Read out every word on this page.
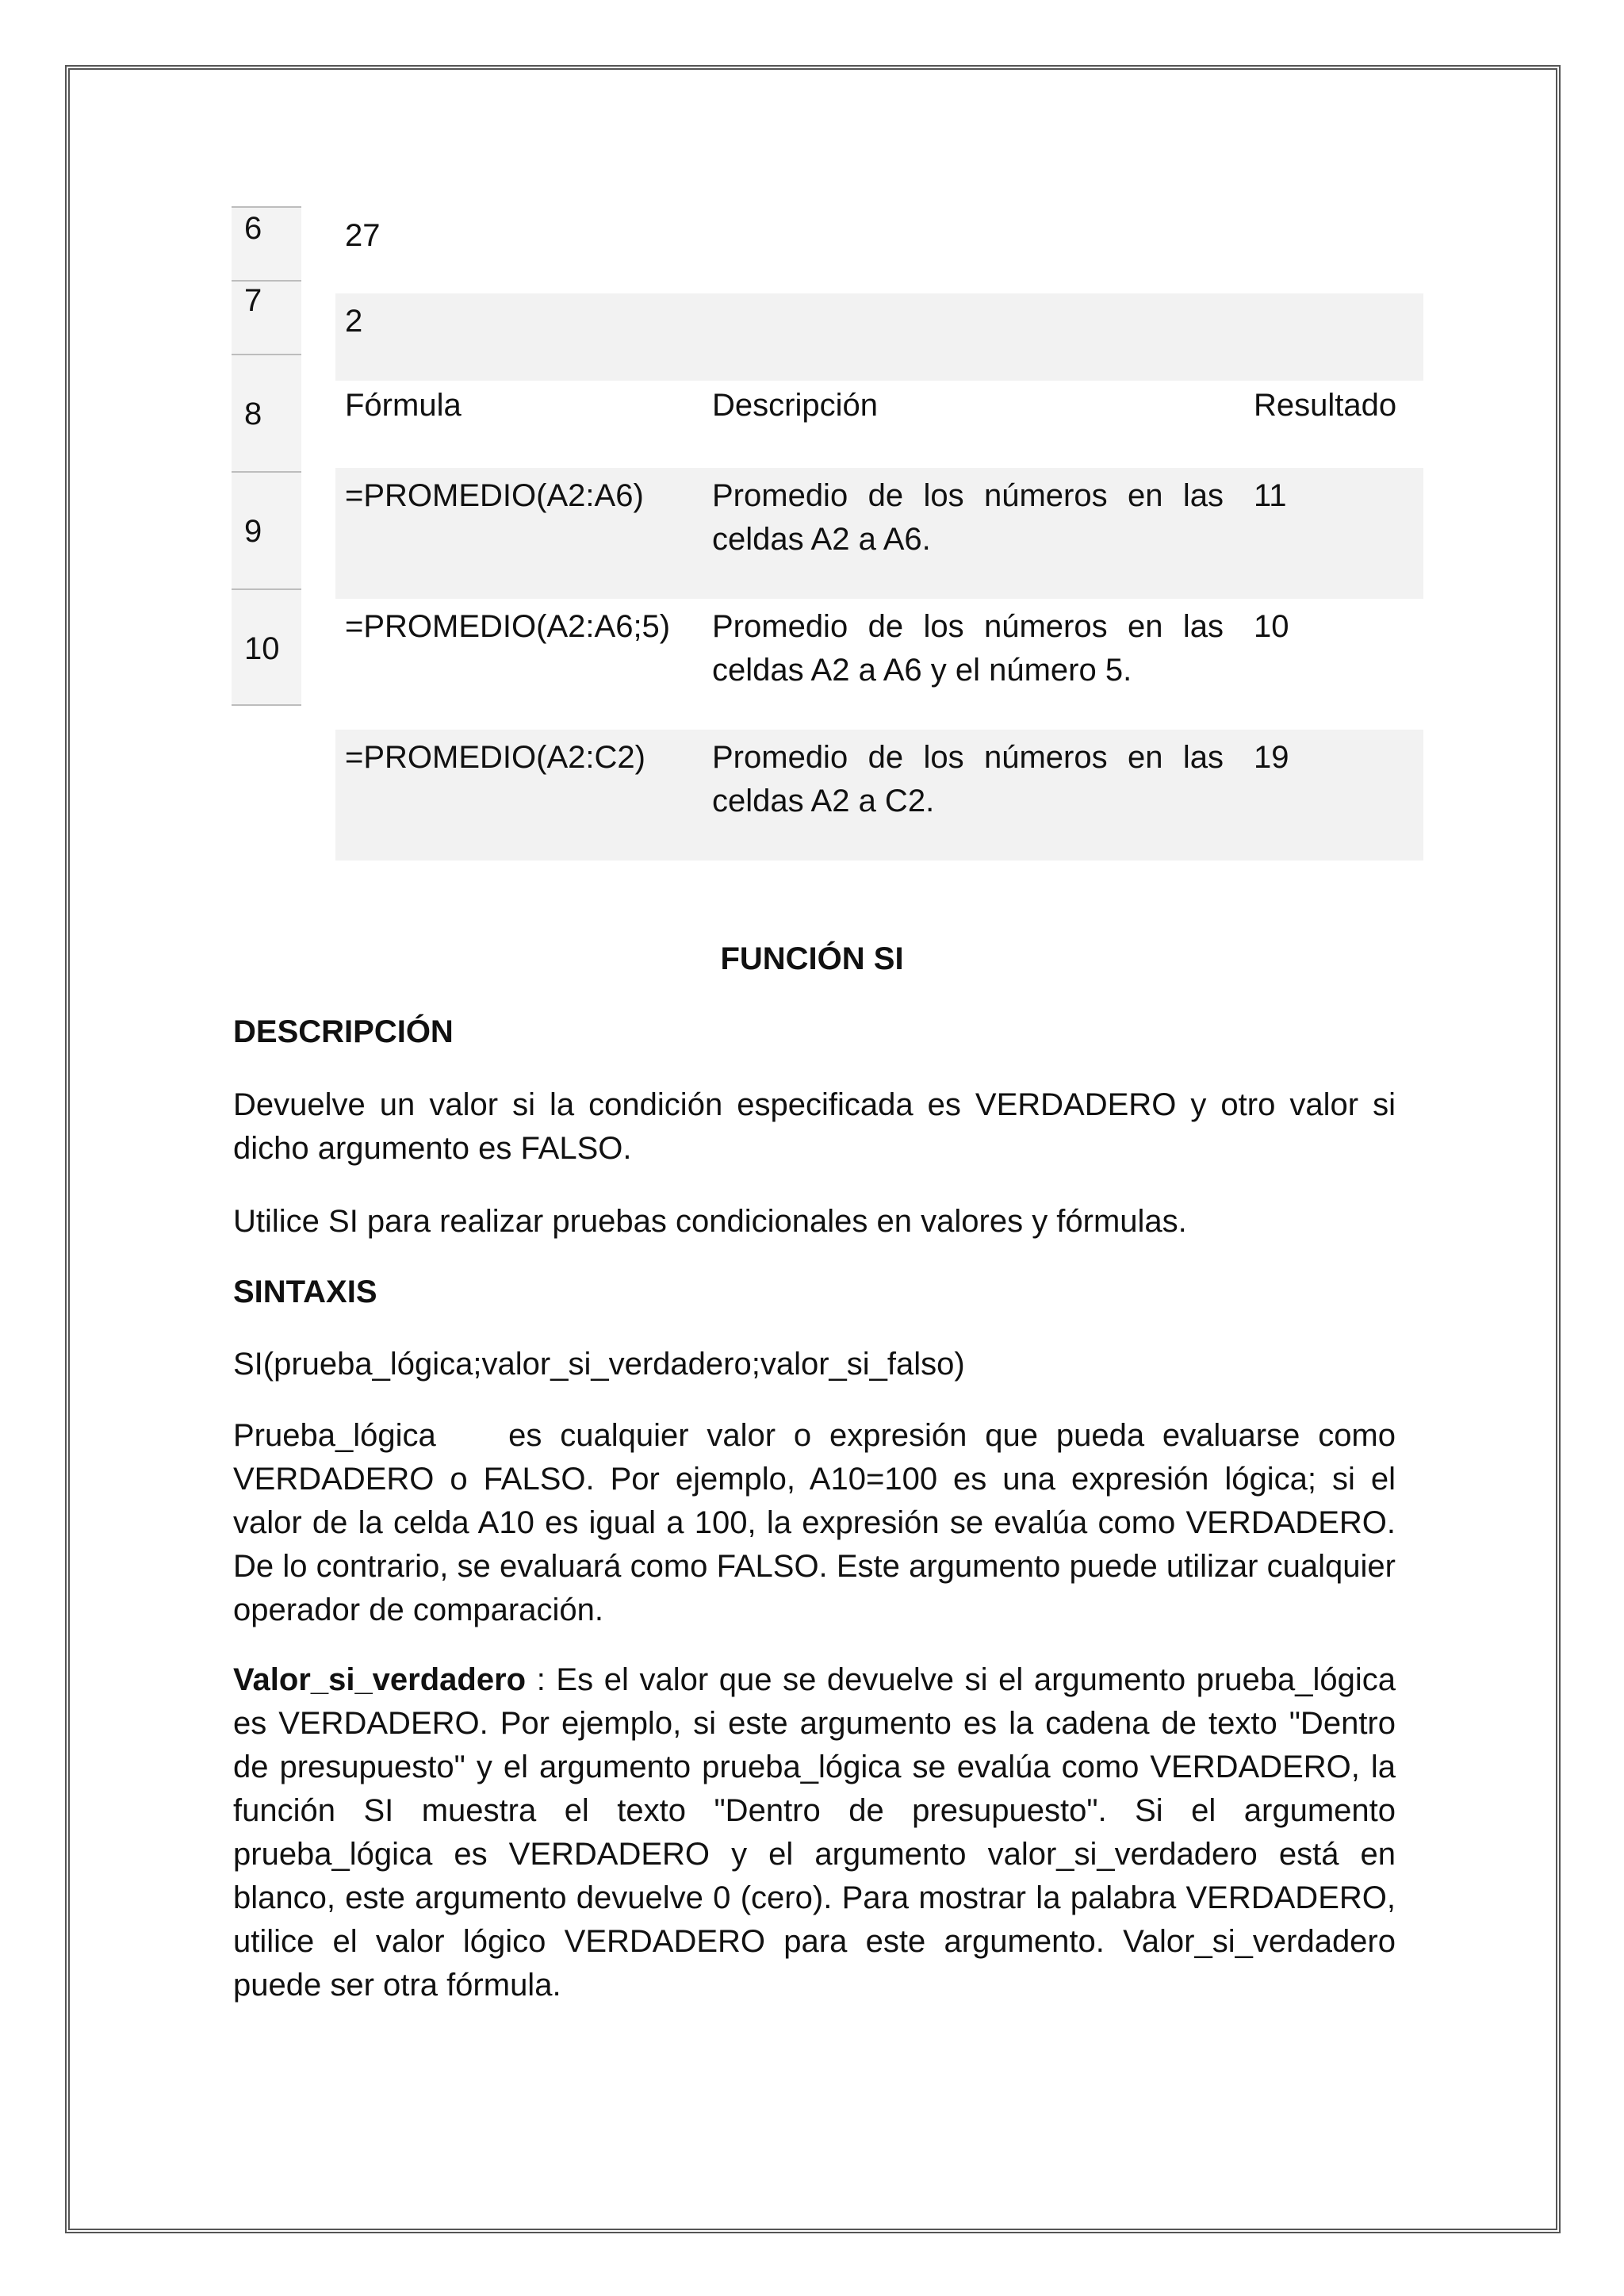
6
7
8
9
10
27
2
Fórmula	Descripción	Resultado
=PROMEDIO(A2:A6) Promedio de los números en las celdas A2 a A6.
11
=PROMEDIO(A2:A6;5) Promedio de los números en las celdas A2 a A6 y el número 5.
10
=PROMEDIO(A2:C2) Promedio de los números en las celdas A2 a C2.
19
FUNCIÓN SI
DESCRIPCIÓN
Devuelve un valor si la condición especificada es VERDADERO y otro valor si dicho argumento es FALSO.
Utilice SI para realizar pruebas condicionales en valores y fórmulas.
SINTAXIS
SI(prueba_lógica;valor_si_verdadero;valor_si_falso)
Prueba_lógica es cualquier valor o expresión que pueda evaluarse como VERDADERO o FALSO. Por ejemplo, A10=100 es una expresión lógica; si el valor de la celda A10 es igual a 100, la expresión se evalúa como VERDADERO. De lo contrario, se evaluará como FALSO. Este argumento puede utilizar cualquier operador de comparación.
Valor_si_verdadero : Es el valor que se devuelve si el argumento prueba_lógica es VERDADERO. Por ejemplo, si este argumento es la cadena de texto "Dentro de presupuesto" y el argumento prueba_lógica se evalúa como VERDADERO, la función SI muestra el texto "Dentro de presupuesto". Si el argumento prueba_lógica es VERDADERO y el argumento valor_si_verdadero está en blanco, este argumento devuelve 0 (cero). Para mostrar la palabra VERDADERO, utilice el valor lógico VERDADERO para este argumento. Valor_si_verdadero puede ser otra fórmula.
